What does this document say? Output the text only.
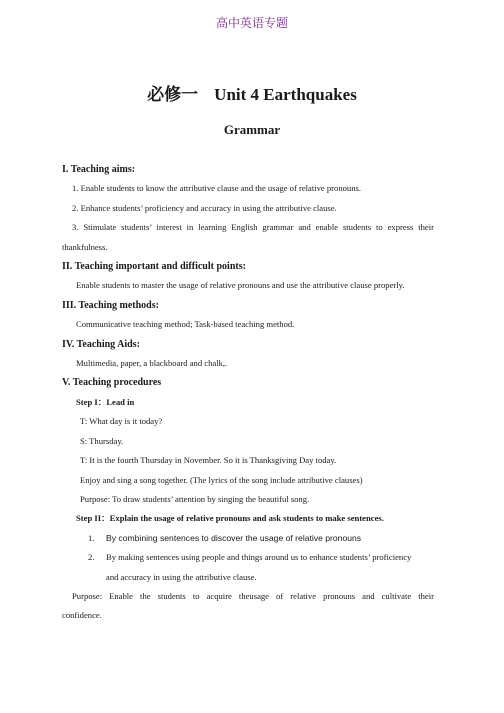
高中英语专题
必修一 Unit 4 Earthquakes
Grammar

I. Teaching aims:

1. Enable students to know the attributive clause and the usage of relative pronouns.

2. Enhance students’ proficiency and accuracy in using the attributive clause.

3. Stimulate students’ interest in learning English grammar and enable students to express their

thankfulness.

II. Teaching important and difficult points:

Enable students to master the usage of relative pronouns and use the attributive clause properly.

III. Teaching methods:

Communicative teaching method; Task-based teaching method.

IV. Teaching Aids:

Multimedia, paper, a blackboard and chalk,.

V. Teaching procedures

Step I：Lead in

T: What day is it today?

S: Thursday.

T: It is the fourth Thursday in November. So it is Thanksgiving Day today.

Enjoy and sing a song together. (The lyrics of the song include attributive clauses)

Purpose: To draw students’ attention by singing the beautiful song.

Step II：Explain the usage of relative pronouns and ask students to make sentences.

1. By combining sentences to discover the usage of relative pronouns

2. By making sentences using people and things around us to enhance students’ proficiency

and accuracy in using the attributive clause.

Purpose: Enable the students to acquire theusage of relative pronouns and cultivate their

confidence.
